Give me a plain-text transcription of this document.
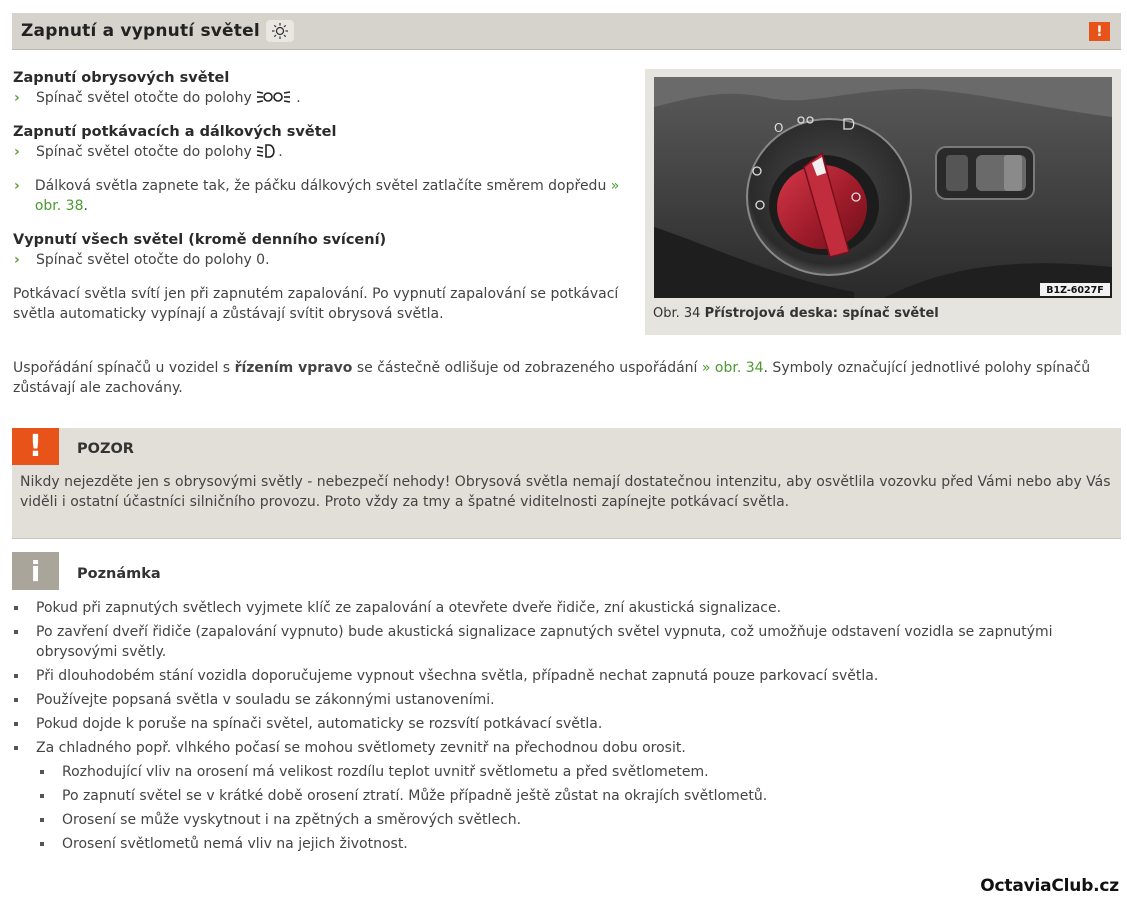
Zapnutí a vypnutí světel	!
Zapnutí obrysových světel
›	Spínač světel otočte do polohy	.
Zapnutí potkávacích a dálkových světel
›	Spínač světel otočte do polohy .
›	Dálková světla zapnete tak, že páčku dálkových světel zatlačíte směrem dopředu » obr. 38.
Vypnutí všech světel (kromě denního svícení)
›	Spínač světel otočte do polohy 0.
Potkávací světla svítí jen při zapnutém zapalování. Po vypnutí zapalování se potkávací světla automaticky vypínají a zůstávají svítit obrysová světla.
O
B1Z-6027F
Obr. 34 Přístrojová deska: spínač světel
Uspořádání spínačů u vozidel s řízením vpravo se částečně odlišuje od zobrazeného uspořádání » obr. 34. Symboly označující jednotlivé polohy spínačů zůstávají ale zachovány.
!	POZOR
Nikdy nejezděte jen s obrysovými světly - nebezpečí nehody! Obrysová světla nemají dostatečnou intenzitu, aby osvětlila vozovku před Vámi nebo aby Vás viděli i ostatní účastníci silničního provozu. Proto vždy za tmy a špatné viditelnosti zapínejte potkávací světla.
i	Poznámka
Pokud při zapnutých světlech vyjmete klíč ze zapalování a otevřete dveře řidiče, zní akustická signalizace.
Po zavření dveří řidiče (zapalování vypnuto) bude akustická signalizace zapnutých světel vypnuta, což umožňuje odstavení vozidla se zapnutými obrysovými světly.
Při dlouhodobém stání vozidla doporučujeme vypnout všechna světla, případně nechat zapnutá pouze parkovací světla.
Používejte popsaná světla v souladu se zákonnými ustanoveními.
Pokud dojde k poruše na spínači světel, automaticky se rozsvítí potkávací světla.
Za chladného popř. vlhkého počasí se mohou světlomety zevnitř na přechodnou dobu orosit.
Rozhodující vliv na orosení má velikost rozdílu teplot uvnitř světlometu a před světlometem.
Po zapnutí světel se v krátké době orosení ztratí. Může případně ještě zůstat na okrajích světlometů.
Orosení se může vyskytnout i na zpětných a směrových světlech.
Orosení světlometů nemá vliv na jejich životnost.
OctaviaClub.cz
